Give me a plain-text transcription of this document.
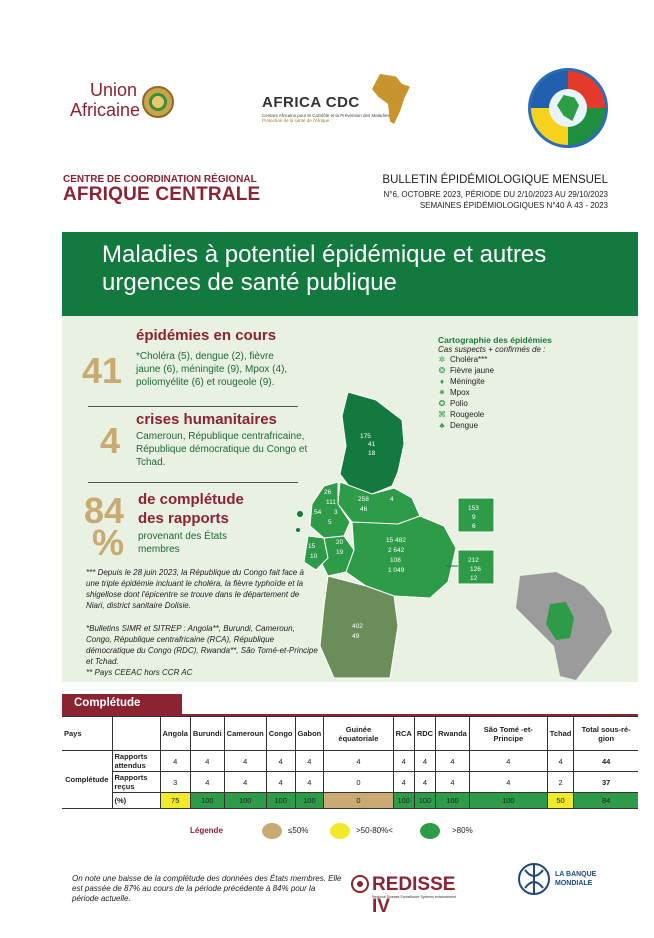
Union
Africaine	AFRICA CDC
Centres Africains pour le Contrôle et la Prévention des Maladies
Protection de la santé de l'Afrique
CENTRE DE COORDINATION RÉGIONAL
AFRIQUE CENTRALE
BULLETIN ÉPIDÉMIOLOGIQUE MENSUEL
N°6, OCTOBRE 2023, PÉRIODE DU 2/10/2023 AU 29/10/2023
SEMAINES ÉPIDÉMIOLOGIQUES N°40 À 43 - 2023
Maladies à potentiel épidémique et autres urgences de santé publique
41
épidémies en cours
*Choléra (5), dengue (2), fièvre jaune (6), méningite (9), Mpox (4), poliomyélite (6) et rougeole (9).
4
crises humanitaires
Cameroun, République centrafricaine, République démocratique du Congo et Tchad.
84
%
de complétude des rapports
provenant des États membres
*** Depuis le 28 juin 2023, la République du Congo fait face à une triple épidémie incluant le choléra, la fièvre typhoïde et la shigellose dont l'épicentre se trouve dans le département de Niari, district sanitaire Dolisie.
*Bulletins SIMR et SITREP : Angola**, Burundi, Cameroun, Congo, République centrafricaine (RCA), République démocratique du Congo (RDC), Rwanda**, São Tomé-et-Principe et Tchad.
** Pays CEEAC hors CCR AC
Cartographie des épidémies
Cas suspects + confirmés de :
✲ Choléra***
❂ Fièvre jaune
♦ Méningite
✷ Mpox
✪ Polio
⌘ Rougeole
♣ Dengue
175
41
18
258	4
46
26
111
54 3
5
15
10
20
19
15 482
2 642
108
1 049
153
9
6
212
126
12
402
49
Complétude
Pays		Angola	Burundi	Cameroun	Congo	Gabon	Guinée équatoriale	RCA	RDC	Rwanda	São Tomé -et-Principe	Tchad	Total sous-ré-gion
Complétude	Rapports attendus	4	4	4	4	4	4	4	4	4	4	4	44
	Rapports reçus	3	4	4	4	4	0	4	4	4	4	2	37
	(%)	75	100	100	100	100	0	100	100	100	100	50	84
Légende	≤50%	>50-80%<	>80%
On note une baisse de la complétude des données des États membres. Elle est passée de 87% au cours de la période précédente à 84% pour la période actuelle.
REDISSE IV
Regional Disease Surveillance Systems enhancement
LA BANQUE
MONDIALE
